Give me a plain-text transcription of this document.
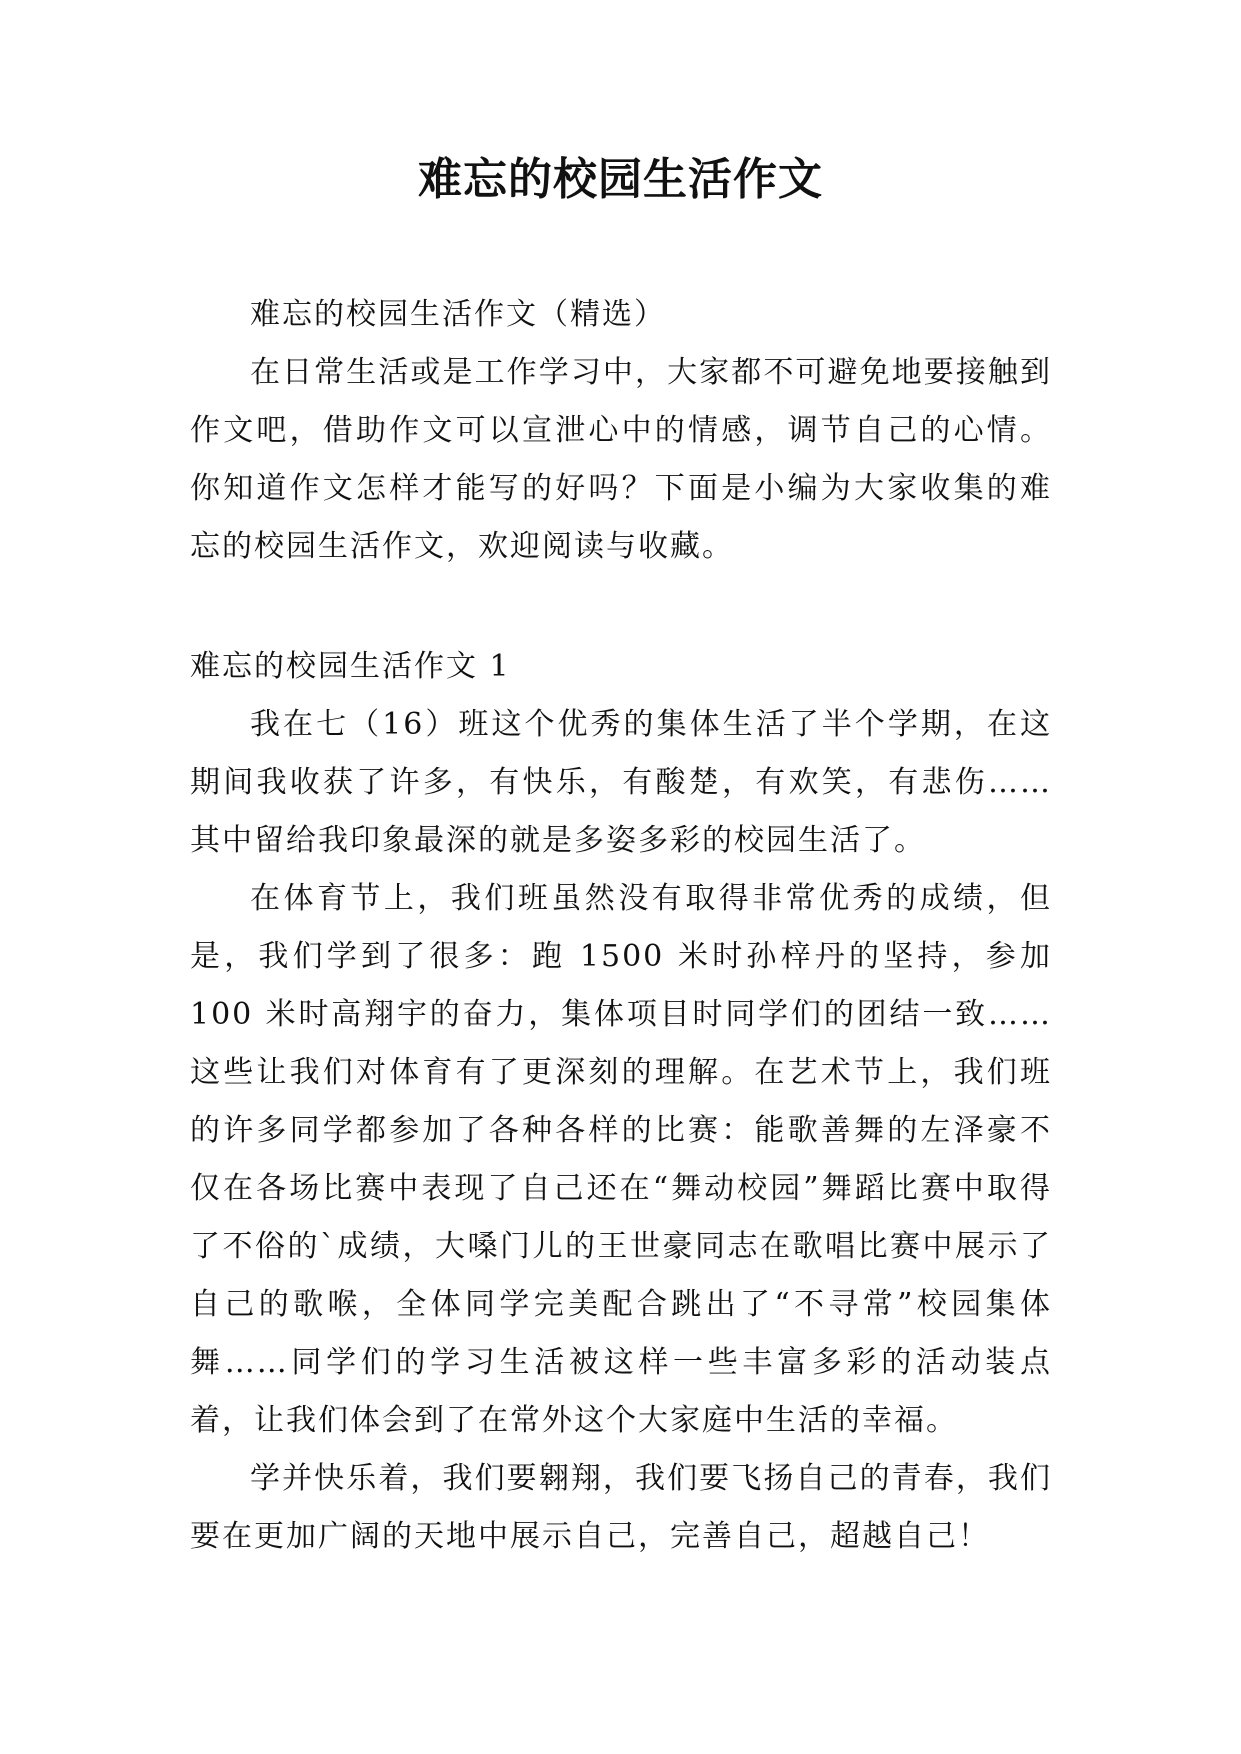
难忘的校园生活作文

难忘的校园生活作文（精选）

在日常生活或是工作学习中，大家都不可避免地要接触到作文吧，借助作文可以宣泄心中的情感，调节自己的心情。你知道作文怎样才能写的好吗？下面是小编为大家收集的难忘的校园生活作文，欢迎阅读与收藏。

难忘的校园生活作文 1

我在七（16）班这个优秀的集体生活了半个学期，在这期间我收获了许多，有快乐，有酸楚，有欢笑，有悲伤……其中留给我印象最深的就是多姿多彩的校园生活了。

在体育节上，我们班虽然没有取得非常优秀的成绩，但是，我们学到了很多：跑 1500 米时孙梓丹的坚持，参加 100 米时高翔宇的奋力，集体项目时同学们的团结一致……这些让我们对体育有了更深刻的理解。在艺术节上，我们班的许多同学都参加了各种各样的比赛：能歌善舞的左泽豪不仅在各场比赛中表现了自己还在“舞动校园”舞蹈比赛中取得了不俗的`成绩，大嗓门儿的王世豪同志在歌唱比赛中展示了自己的歌喉，全体同学完美配合跳出了“不寻常”校园集体舞……同学们的学习生活被这样一些丰富多彩的活动装点着，让我们体会到了在常外这个大家庭中生活的幸福。

学并快乐着，我们要翱翔，我们要飞扬自己的青春，我们要在更加广阔的天地中展示自己，完善自己，超越自己！
